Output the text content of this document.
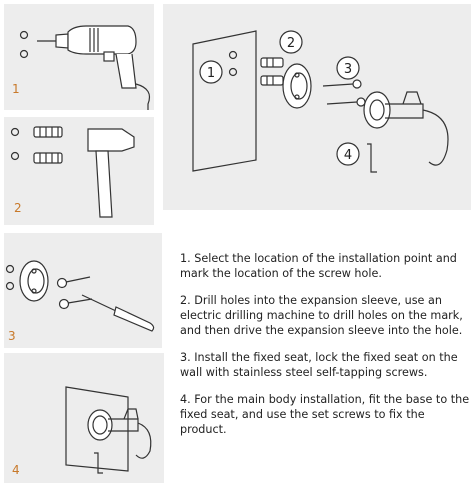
1
2
3
4
1
2
3
4

1. Select the location of the installation point and mark the location of the screw hole.

2. Drill holes into the expansion sleeve, use an electric drilling machine to drill holes on the mark, and then drive the expansion sleeve into the hole.

3. Install the fixed seat, lock the fixed seat on the wall with stainless steel self-tapping screws.

4. For the main body installation, fit the base to the fixed seat, and use the set screws to fix the product.
